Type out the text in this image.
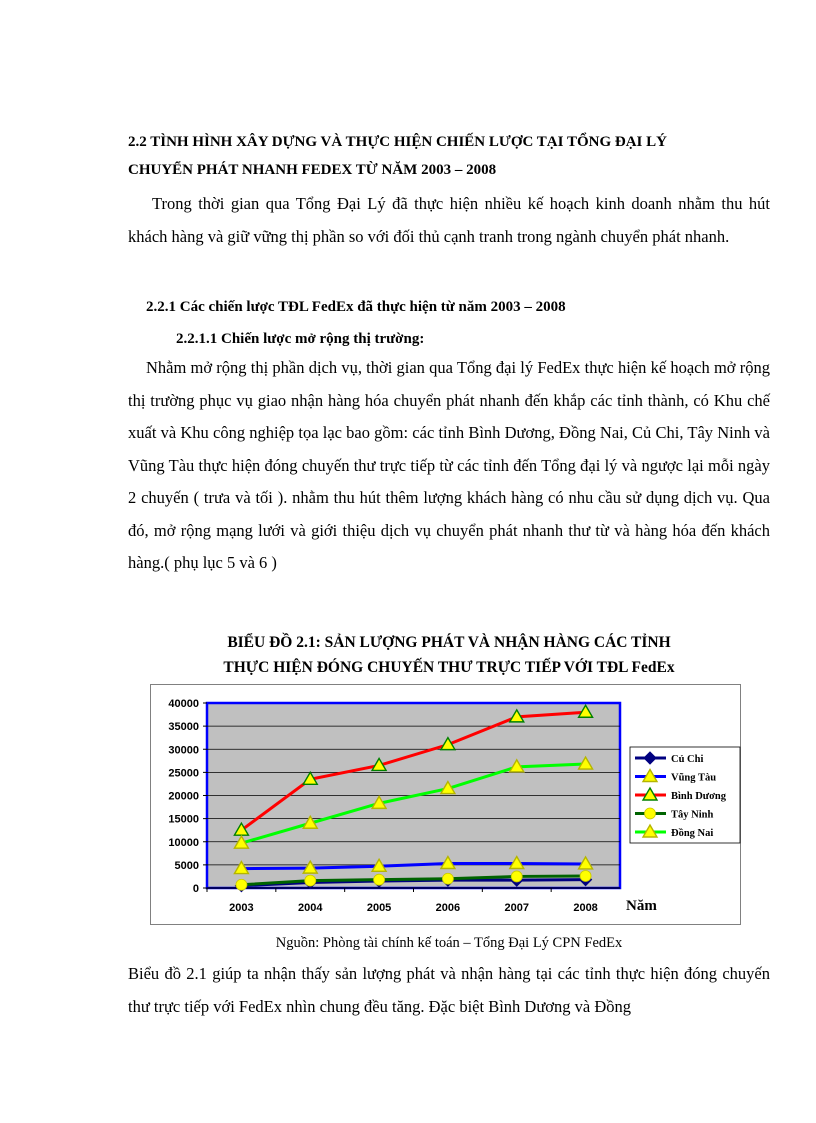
2.2 TÌNH HÌNH XÂY DỰNG VÀ THỰC HIỆN CHIẾN LƯỢC TẠI TỔNG ĐẠI LÝ
CHUYỂN PHÁT NHANH FEDEX TỪ NĂM 2003 – 2008
Trong thời gian qua Tổng Đại Lý đã thực hiện nhiều kế hoạch kinh doanh nhằm thu hút khách hàng và giữ vững thị phần so với đối thủ cạnh tranh trong ngành chuyển phát nhanh.
2.2.1 Các chiến lược TĐL FedEx đã thực hiện từ năm 2003 – 2008
2.2.1.1 Chiến lược mở rộng thị trường:
Nhằm mở rộng thị phần dịch vụ, thời gian qua Tổng đại lý FedEx thực hiện kế hoạch mở rộng thị trường phục vụ giao nhận hàng hóa chuyển phát nhanh đến khắp các tỉnh thành, có Khu chế xuất và Khu công nghiệp tọa lạc bao gồm: các tỉnh Bình Dương, Đồng Nai, Củ Chi, Tây Ninh và Vũng Tàu thực hiện đóng chuyến thư trực tiếp từ các tỉnh đến Tổng đại lý và ngược lại mỗi ngày 2 chuyến ( trưa và tối ). nhằm thu hút thêm lượng khách hàng có nhu cầu sử dụng dịch vụ. Qua đó, mở rộng mạng lưới và giới thiệu dịch vụ chuyển phát nhanh thư từ và hàng hóa đến khách hàng.( phụ lục 5 và 6 )
BIỂU ĐỒ 2.1: SẢN LƯỢNG PHÁT VÀ NHẬN HÀNG CÁC TỈNH
THỰC HIỆN ĐÓNG CHUYẾN THƯ TRỰC TIẾP VỚI TĐL FedEx
0
5000
10000
15000
20000
25000
30000
35000
40000
2003	2004	2005	2006	2007	2008 Năm
Củ Chi
Vũng Tàu
Bình Dương
Tây Ninh
Đồng Nai
Nguồn: Phòng tài chính kế toán – Tổng Đại Lý CPN FedEx
Biểu đồ 2.1 giúp ta nhận thấy sản lượng phát và nhận hàng tại các tỉnh thực hiện đóng chuyến thư trực tiếp với FedEx nhìn chung đều tăng. Đặc biệt Bình Dương và Đồng
